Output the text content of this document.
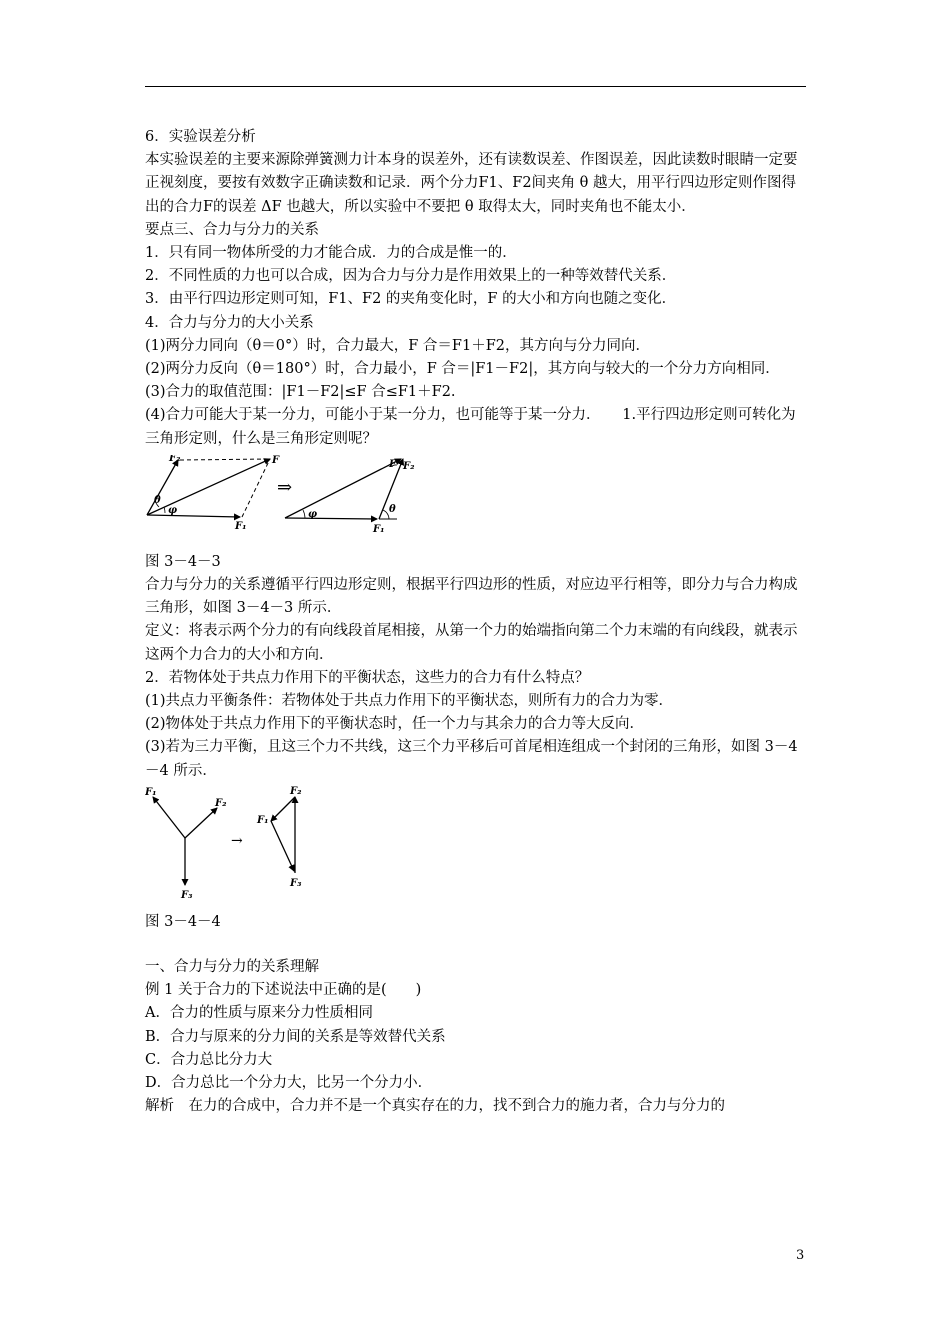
6．实验误差分析

本实验误差的主要来源除弹簧测力计本身的误差外，还有读数误差、作图误差，因此读数时眼睛一定要正视刻度，要按有效数字正确读数和记录．两个分力F1、F2间夹角 θ 越大，用平行四边形定则作图得出的合力F的误差 ΔF 也越大，所以实验中不要把 θ 取得太大，同时夹角也不能太小．

要点三、合力与分力的关系

1．只有同一物体所受的力才能合成．力的合成是惟一的．

2．不同性质的力也可以合成，因为合力与分力是作用效果上的一种等效替代关系．

3．由平行四边形定则可知，F1、F2 的夹角变化时，F 的大小和方向也随之变化．

4．合力与分力的大小关系

(1)两分力同向（θ＝0°）时，合力最大，F 合＝F1＋F2，其方向与分力同向．

(2)两分力反向（θ＝180°）时，合力最小，F 合＝|F1－F2|，其方向与较大的一个分力方向相同．

(3)合力的取值范围：|F1－F2|≤F 合≤F1＋F2.

(4)合力可能大于某一分力，可能小于某一分力，也可能等于某一分力．　　1.平行四边形定则可转化为三角形定则，什么是三角形定则呢？

θ
φ
F₂	F
F₁
⇒
φ	θ
F F₂
F₁

图 3－4－3

合力与分力的关系遵循平行四边形定则，根据平行四边形的性质，对应边平行相等，即分力与合力构成三角形，如图 3－4－3 所示．

定义：将表示两个分力的有向线段首尾相接，从第一个力的始端指向第二个力末端的有向线段，就表示这两个力合力的大小和方向．

2．若物体处于共点力作用下的平衡状态，这些力的合力有什么特点？

(1)共点力平衡条件：若物体处于共点力作用下的平衡状态，则所有力的合力为零．

(2)物体处于共点力作用下的平衡状态时，任一个力与其余力的合力等大反向．

(3)若为三力平衡，且这三个力不共线，这三个力平移后可首尾相连组成一个封闭的三角形，如图 3－4－4 所示．

F₁
F₂
F₃
→
F₂
F₁
F₃

图 3－4－4

一、合力与分力的关系理解

例 1 关于合力的下述说法中正确的是(　　)

A．合力的性质与原来分力性质相同

B．合力与原来的分力间的关系是等效替代关系

C．合力总比分力大

D．合力总比一个分力大，比另一个分力小．

解析　在力的合成中，合力并不是一个真实存在的力，找不到合力的施力者，合力与分力的

3
